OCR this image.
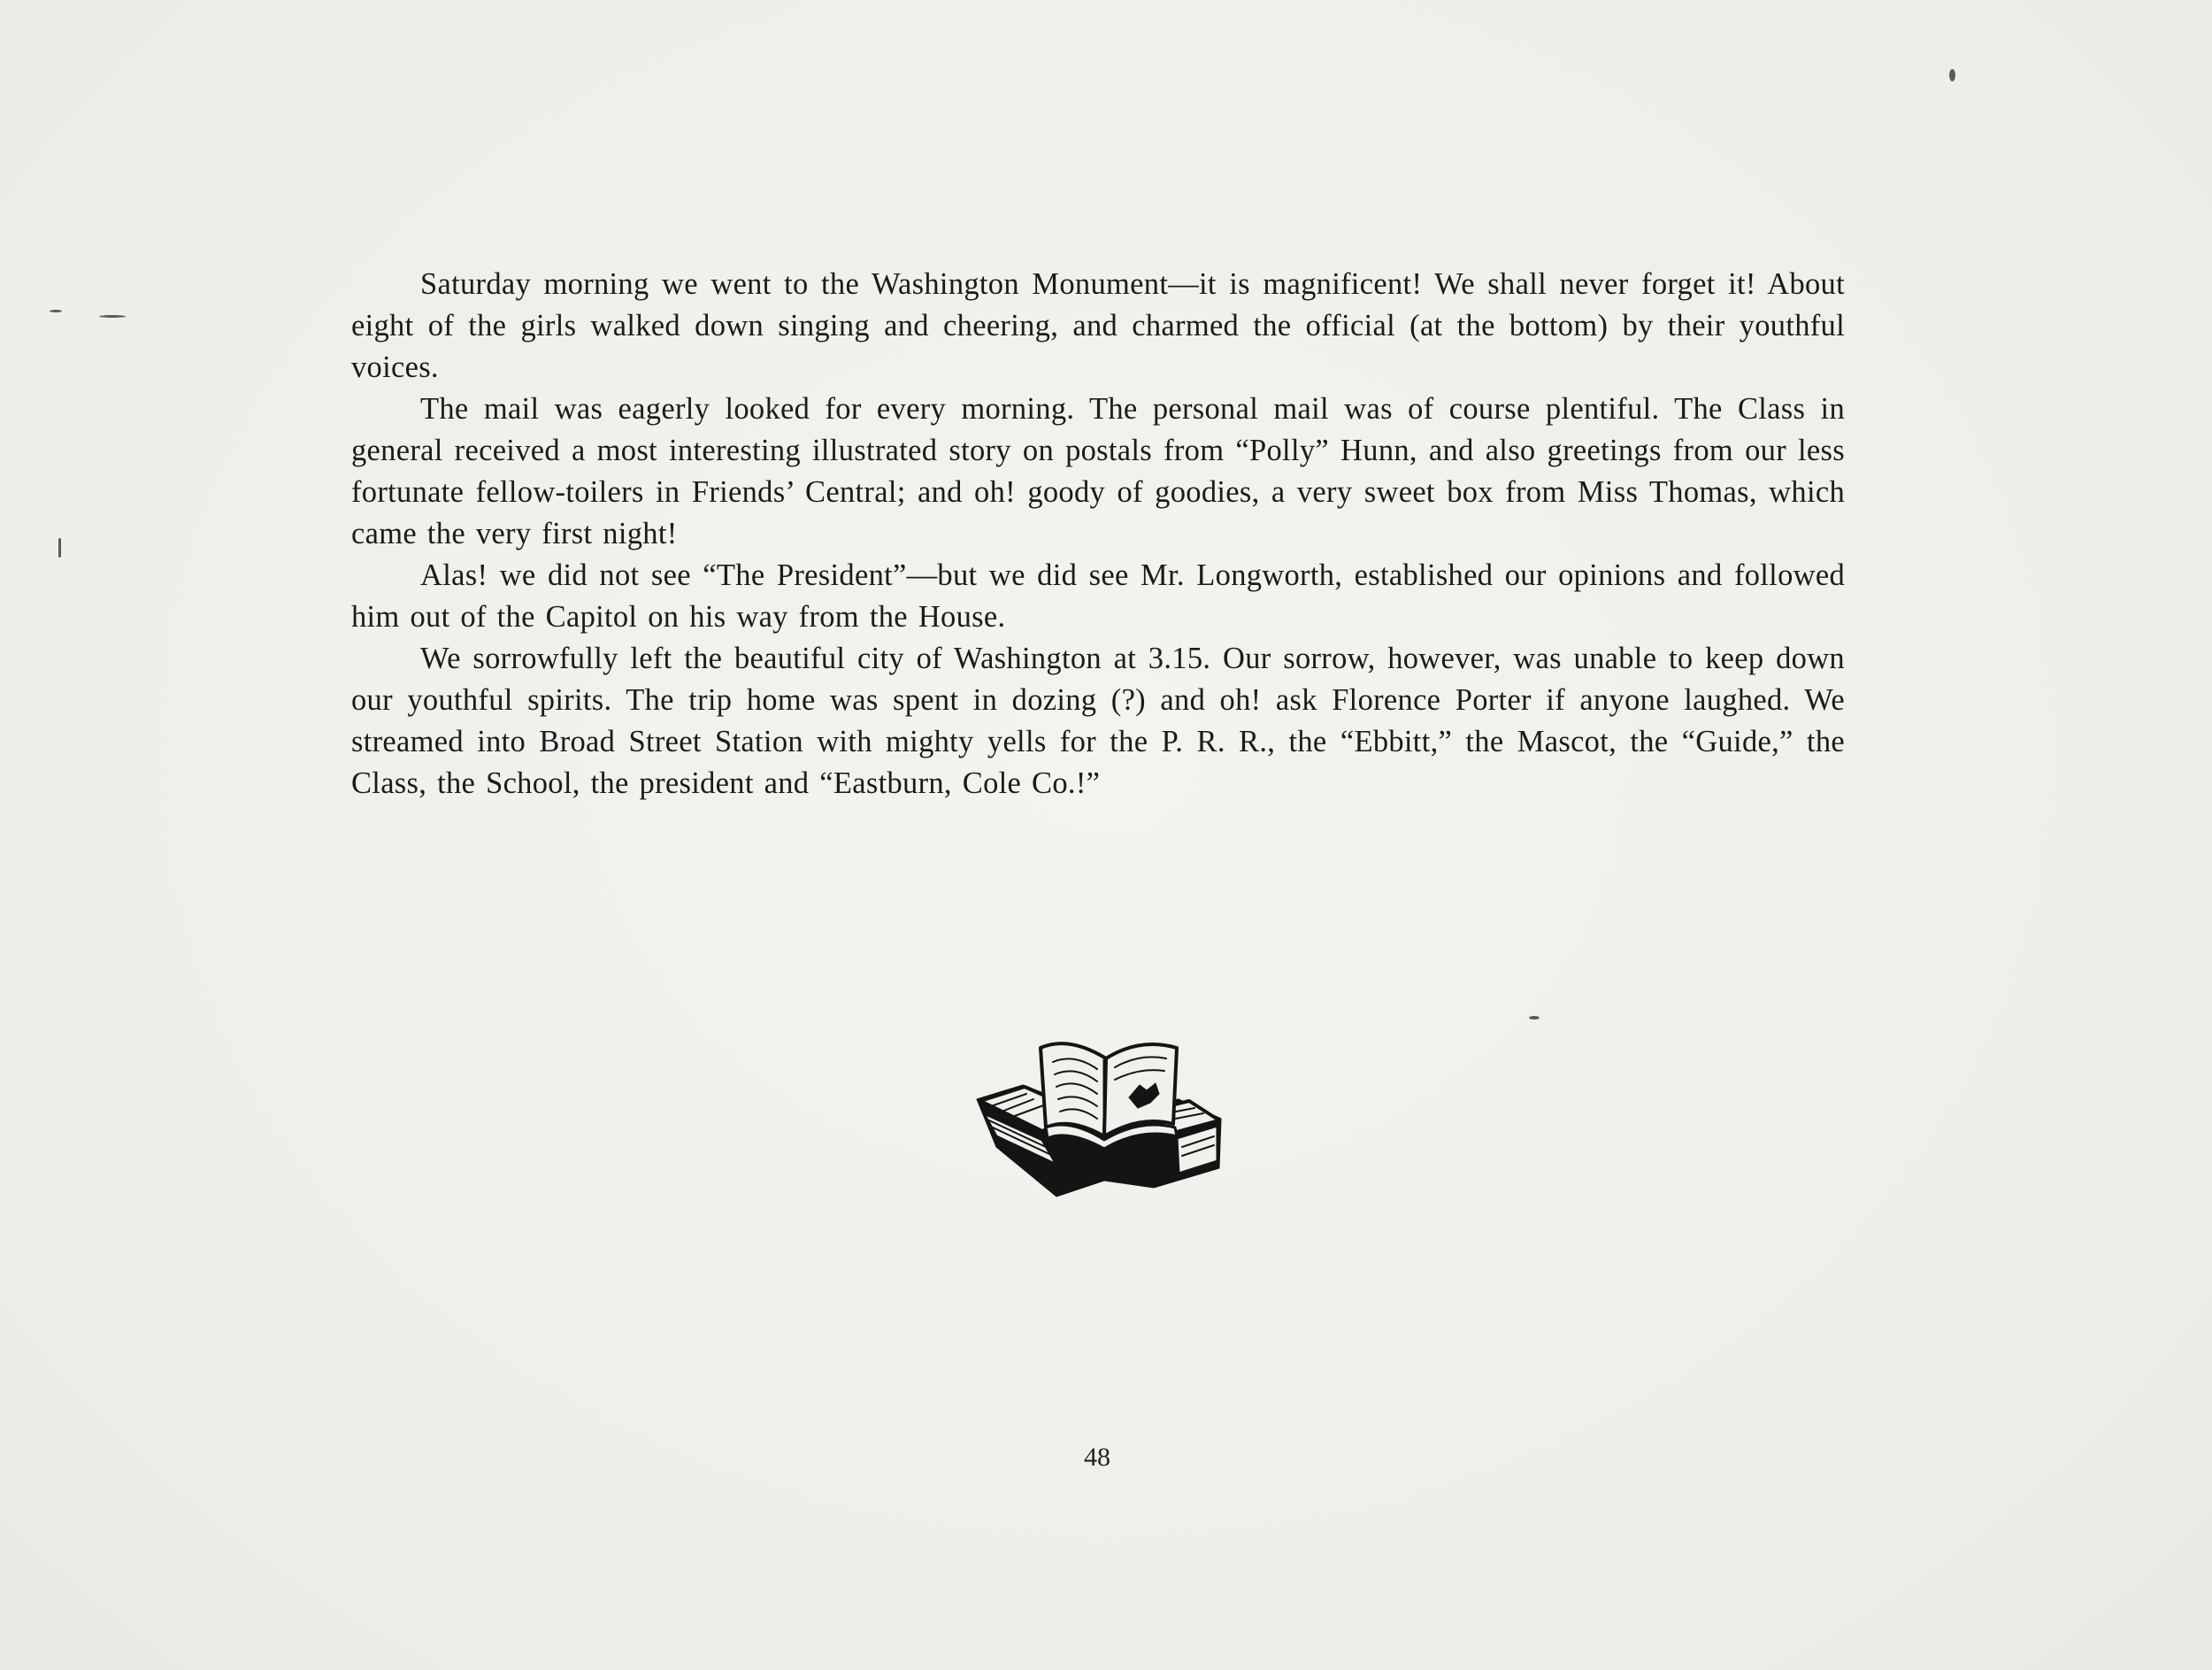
Saturday morning we went to the Washington Monument—it is magnificent! We shall never forget it! About eight of the girls walked down singing and cheering, and charmed the official (at the bottom) by their youthful voices.

The mail was eagerly looked for every morning. The personal mail was of course plentiful. The Class in general received a most interesting illustrated story on postals from “Polly” Hunn, and also greetings from our less fortunate fellow-toilers in Friends’ Central; and oh! goody of goodies, a very sweet box from Miss Thomas, which came the very first night!

Alas! we did not see “The President”—but we did see Mr. Longworth, established our opinions and followed him out of the Capitol on his way from the House.

We sorrowfully left the beautiful city of Washington at 3.15. Our sorrow, however, was unable to keep down our youthful spirits. The trip home was spent in dozing (?) and oh! ask Florence Porter if anyone laughed. We streamed into Broad Street Station with mighty yells for the P. R. R., the “Ebbitt,” the Mascot, the “Guide,” the Class, the School, the president and “Eastburn, Cole Co.!”

48
